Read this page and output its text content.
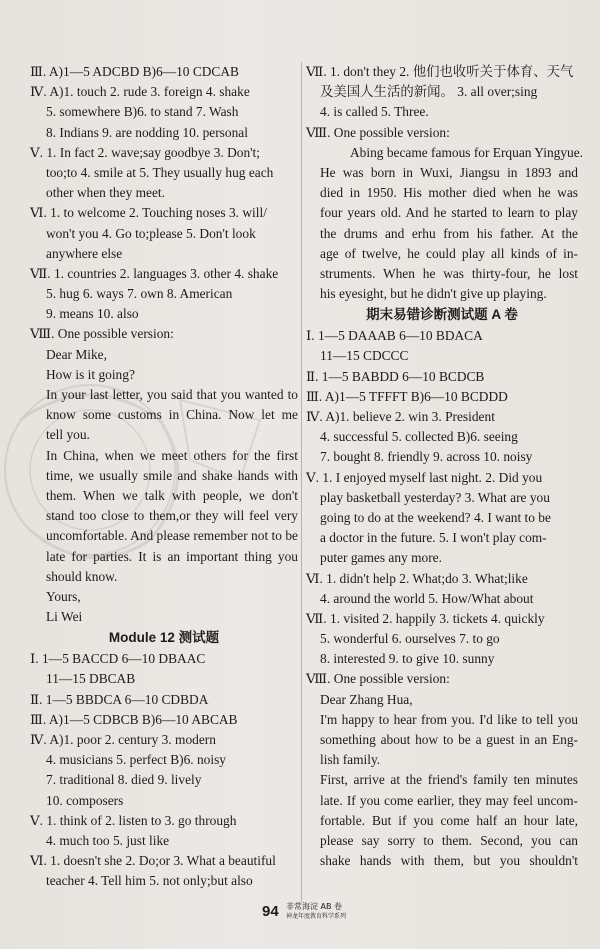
Ⅲ. A)1—5 ADCBD B)6—10 CDCAB
Ⅳ. A)1. touch 2. rude 3. foreign 4. shake
5. somewhere B)6. to stand 7. Wash
8. Indians 9. are nodding 10. personal
Ⅴ. 1. In fact 2. wave;say goodbye 3. Don't;
too;to 4. smile at 5. They usually hug each
other when they meet.
Ⅵ. 1. to welcome 2. Touching noses 3. will/
won't you 4. Go to;please 5. Don't look
anywhere else
Ⅶ. 1. countries 2. languages 3. other 4. shake
5. hug 6. ways 7. own 8. American
9. means 10. also
Ⅷ. One possible version:
Dear Mike,
How is it going?
In your last letter, you said that you wanted to
know some customs in China. Now let me
tell you.
In China, when we meet others for the first
time, we usually smile and shake hands with
them. When we talk with people, we don't
stand too close to them,or they will feel very
uncomfortable. And please remember not to be
late for parties. It is an important thing you
should know.
Yours,
Li Wei
Module 12 测试题
Ⅰ. 1—5 BACCD 6—10 DBAAC
11—15 DBCAB
Ⅱ. 1—5 BBDCA 6—10 CDBDA
Ⅲ. A)1—5 CDBCB B)6—10 ABCAB
Ⅳ. A)1. poor 2. century 3. modern
4. musicians 5. perfect B)6. noisy
7. traditional 8. died 9. lively
10. composers
Ⅴ. 1. think of 2. listen to 3. go through
4. much too 5. just like
Ⅵ. 1. doesn't she 2. Do;or 3. What a beautiful
teacher 4. Tell him 5. not only;but also
Ⅶ. 1. don't they 2. 他们也收听关于体育、天气
及美国人生活的新闻。 3. all over;sing
4. is called 5. Three.
Ⅷ. One possible version:
Abing became famous for Erquan Yingyue.
He was born in Wuxi, Jiangsu in 1893 and
died in 1950. His mother died when he was
four years old. And he started to learn to play
the drums and erhu from his father. At the
age of twelve, he could play all kinds of in-
struments. When he was thirty-four, he lost
his eyesight, but he didn't give up playing.
期末易错诊断测试题 A 卷
Ⅰ. 1—5 DAAAB 6—10 BDACA
11—15 CDCCC
Ⅱ. 1—5 BABDD 6—10 BCDCB
Ⅲ. A)1—5 TFFFT B)6—10 BCDDD
Ⅳ. A)1. believe 2. win 3. President
4. successful 5. collected B)6. seeing
7. bought 8. friendly 9. across 10. noisy
Ⅴ. 1. I enjoyed myself last night. 2. Did you
play basketball yesterday? 3. What are you
going to do at the weekend? 4. I want to be
a doctor in the future. 5. I won't play com-
puter games any more.
Ⅵ. 1. didn't help 2. What;do 3. What;like
4. around the world 5. How/What about
Ⅶ. 1. visited 2. happily 3. tickets 4. quickly
5. wonderful 6. ourselves 7. to go
8. interested 9. to give 10. sunny
Ⅷ. One possible version:
Dear Zhang Hua,
I'm happy to hear from you. I'd like to tell you
something about how to be a guest in an Eng-
lish family.
First, arrive at the friend's family ten minutes
late. If you come earlier, they may feel uncom-
fortable. But if you come half an hour late,
please say sorry to them. Second, you can
shake hands with them, but you shouldn't
94 非常海淀 AB 卷
神龙年度教育科学系列
